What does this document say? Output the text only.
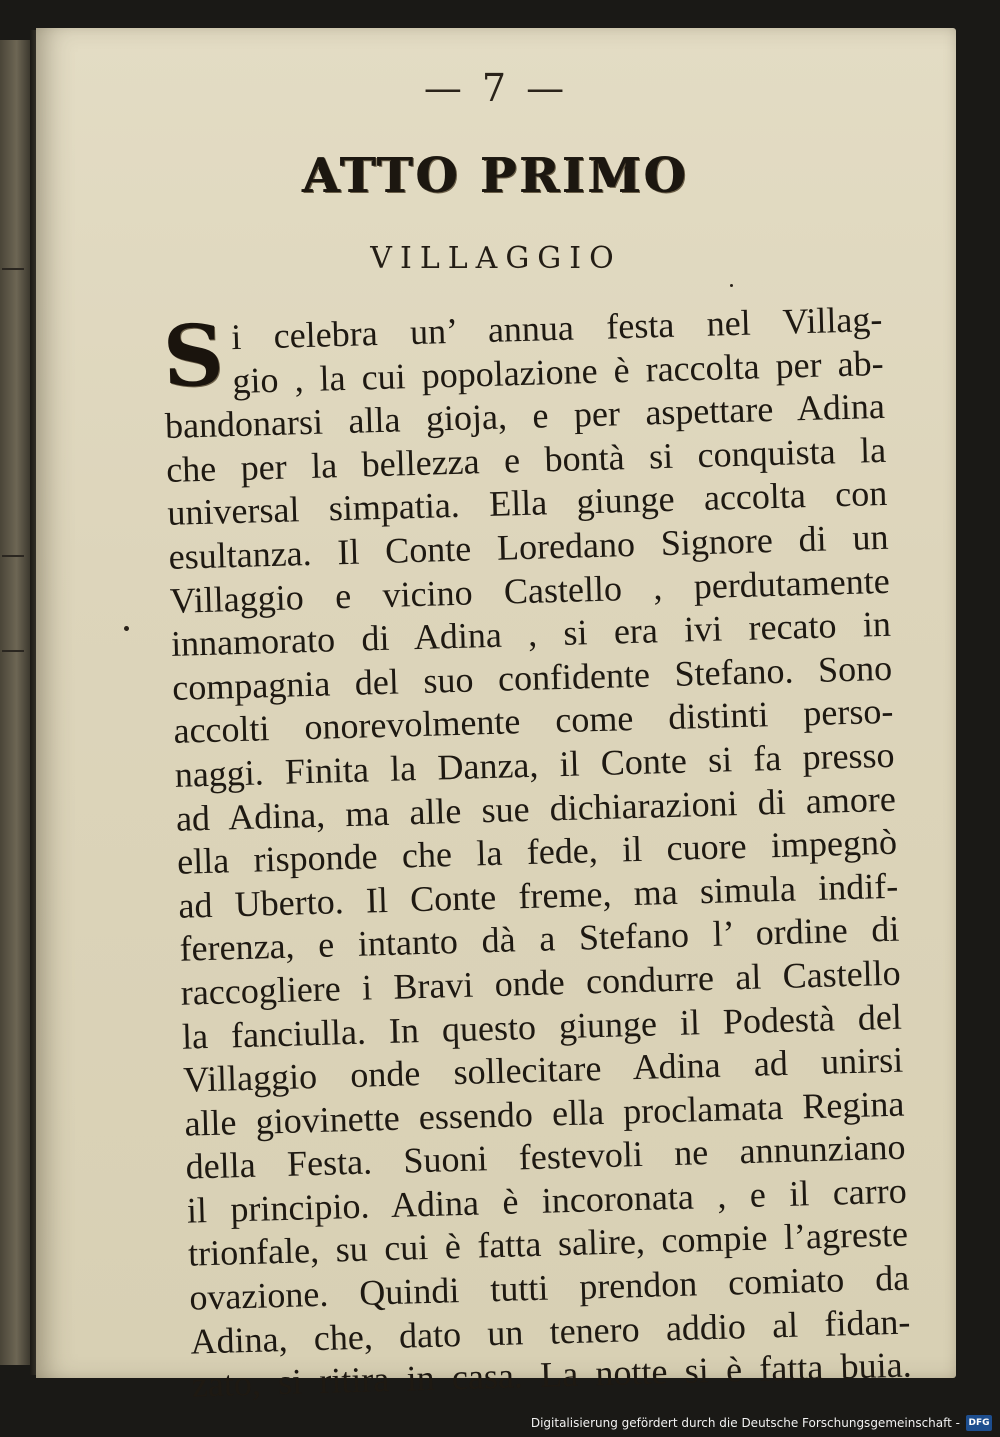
— 7 —
ATTO PRIMO
VILLAGGIO
S i celebra un’ annua festa nel Villag-
gio , la cui popolazione è raccolta per ab-
bandonarsi alla gioja, e per aspettare Adina
che per la bellezza e bontà si conquista la
universal simpatia. Ella giunge accolta con
esultanza. Il Conte Loredano Signore di un
Villaggio e vicino Castello , perdutamente
innamorato di Adina , si era ivi recato in
compagnia del suo confidente Stefano. Sono
accolti onorevolmente come distinti perso-
naggi. Finita la Danza, il Conte si fa presso
ad Adina, ma alle sue dichiarazioni di amore
ella risponde che la fede, il cuore impegnò
ad Uberto. Il Conte freme, ma simula indif-
ferenza, e intanto dà a Stefano l’ ordine di
raccogliere i Bravi onde condurre al Castello
la fanciulla. In questo giunge il Podestà del
Villaggio onde sollecitare Adina ad unirsi
alle giovinette essendo ella proclamata Regina
della Festa. Suoni festevoli ne annunziano
il principio. Adina è incoronata , e il carro
trionfale, su cui è fatta salire, compie l’agreste
ovazione. Quindi tutti prendon comiato da
Adina, che, dato un tenero addio al fidan-
zato, si ritira in casa. La notte si è fatta buia.
Digitalisierung gefördert durch die Deutsche Forschungsgemeinschaft - DFG
